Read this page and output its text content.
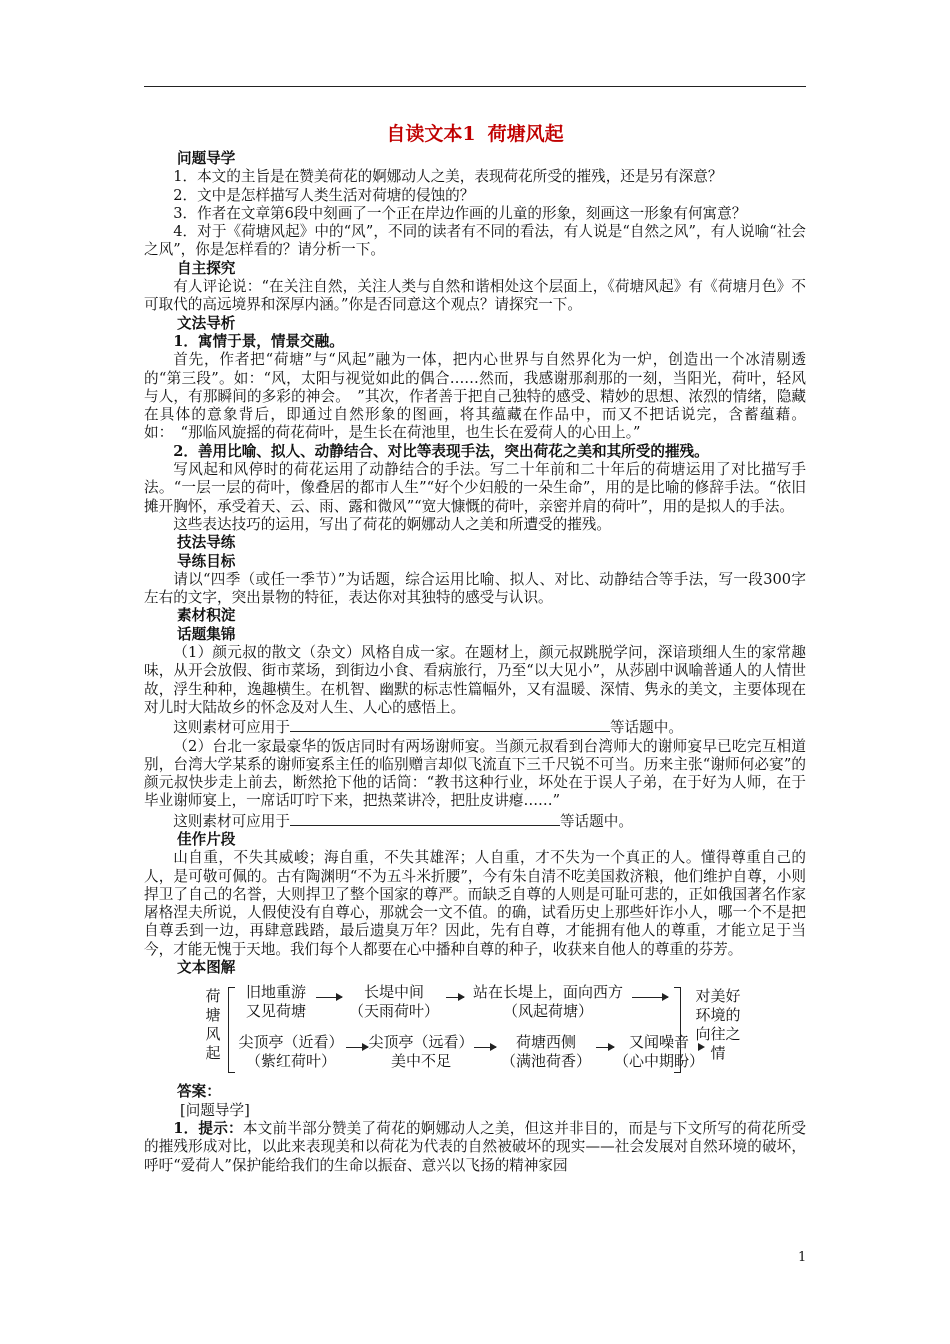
自读文本1 荷塘风起
问题导学
1．本文的主旨是在赞美荷花的婀娜动人之美，表现荷花所受的摧残，还是另有深意？
2．文中是怎样描写人类生活对荷塘的侵蚀的？
3．作者在文章第6段中刻画了一个正在岸边作画的儿童的形象，刻画这一形象有何寓意？
4．对于《荷塘风起》中的“风”，不同的读者有不同的看法，有人说是“自然之风”，有人说喻“社会之风”，你是怎样看的？请分析一下。
自主探究
有人评论说：“在关注自然，关注人类与自然和谐相处这个层面上，《荷塘风起》有《荷塘月色》不可取代的高远境界和深厚内涵。”你是否同意这个观点？请探究一下。
文法导析
1．寓情于景，情景交融。
首先，作者把“荷塘”与“风起”融为一体，把内心世界与自然界化为一炉，创造出一个冰清剔透的“第三段”。如：“风，太阳与视觉如此的偶合……然而，我感谢那刹那的一刻，当阳光，荷叶，轻风与人，有那瞬间的多彩的神会。　”其次，作者善于把自己独特的感受、精妙的思想、浓烈的情绪，隐藏在具体的意象背后，即通过自然形象的图画，将其蕴藏在作品中，而又不把话说完，含蓄蕴藉。如：　“那临风旋摇的荷花荷叶，是生长在荷池里，也生长在爱荷人的心田上。”
2．善用比喻、拟人、动静结合、对比等表现手法，突出荷花之美和其所受的摧残。
写风起和风停时的荷花运用了动静结合的手法。写二十年前和二十年后的荷塘运用了对比描写手法。“一层一层的荷叶，像叠居的都市人生”“好个少妇般的一朵生命”，用的是比喻的修辞手法。“依旧摊开胸怀，承受着天、云、雨、露和微风”“宽大慷慨的荷叶，亲密并肩的荷叶”，用的是拟人的手法。
这些表达技巧的运用，写出了荷花的婀娜动人之美和所遭受的摧残。
技法导练
导练目标
请以“四季（或任一季节）”为话题，综合运用比喻、拟人、对比、动静结合等手法，写一段300字左右的文字，突出景物的特征，表达你对其独特的感受与认识。
素材积淀
话题集锦
（1）颜元叔的散文（杂文）风格自成一家。在题材上，颜元叔跳脱学问，深谙琐细人生的家常趣味，从开会放假、街市菜场，到街边小食、看病旅行，乃至“以大见小”，从莎剧中讽喻普通人的人情世故，浮生种种，逸趣横生。在机智、幽默的标志性篇幅外，又有温暖、深情、隽永的美文，主要体现在对儿时大陆故乡的怀念及对人生、人心的感悟上。
这则素材可应用于	等话题中。
（2）台北一家最豪华的饭店同时有两场谢师宴。当颜元叔看到台湾师大的谢师宴早已吃完互相道别，台湾大学某系的谢师宴系主任的临别赠言却似飞流直下三千尺锐不可当。历来主张“谢师何必宴”的颜元叔快步走上前去，断然抢下他的话筒：“教书这种行业，坏处在于误人子弟，在于好为人师，在于毕业谢师宴上，一席话叮咛下来，把热菜讲冷，把肚皮讲瘪……”
这则素材可应用于	等话题中。
佳作片段
山自重，不失其威峻；海自重，不失其雄浑；人自重，才不失为一个真正的人。懂得尊重自己的人，是可敬可佩的。古有陶渊明“不为五斗米折腰”，今有朱自清不吃美国救济粮，他们维护自尊，小则捍卫了自己的名誉，大则捍卫了整个国家的尊严。而缺乏自尊的人则是可耻可悲的，正如俄国著名作家屠格涅夫所说，人假使没有自尊心，那就会一文不值。的确，试看历史上那些奸诈小人，哪一个不是把自尊丢到一边，再肆意践踏，最后遗臭万年？因此，先有自尊，才能拥有他人的尊重，才能立足于当今，才能无愧于天地。我们每个人都要在心中播种自尊的种子，收获来自他人的尊重的芬芳。
文本图解
荷
塘
风
起
旧地重游
又见荷塘
长堤中间
（天雨荷叶）
站在长堤上，面向西方
（风起荷塘）
尖顶亭（近看）
（紫红荷叶）
尖顶亭（远看）
美中不足
荷塘西侧
（满池荷香）
又闻噪音
（心中期盼）
对美好
环境的
向往之
情
答案：
[问题导学]
1．提示：本文前半部分赞美了荷花的婀娜动人之美，但这并非目的，而是与下文所写的荷花所受的摧残形成对比，以此来表现美和以荷花为代表的自然被破坏的现实——社会发展对自然环境的破坏，呼吁“爱荷人”保护能给我们的生命以振奋、意兴以飞扬的精神家园
1
